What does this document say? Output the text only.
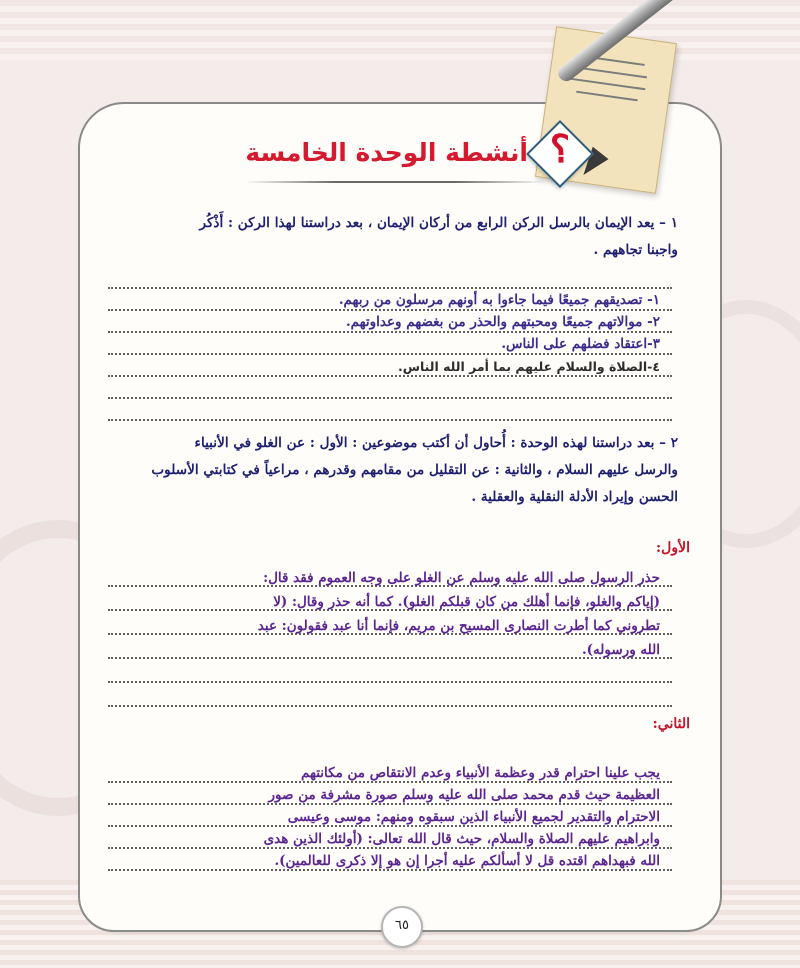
؟
أنشطة الوحدة الخامسة
١ – يعد الإيمان بالرسل الركن الرابع من أركان الإيمان ، بعد دراستنا لهذا الركن : أَذْكُر
واجبنا تجاههم .
١- تصديقهم جميعًا فيما جاءوا به أونهم مرسلون من ربهم.
٢- موالاتهم جميعًا ومحبتهم والحذر من بغضهم وعداوتهم.
٣-اعتقاد فضلهم على الناس.
٤-الصلاة والسلام عليهم بما أمر الله الناس.
٢ – بعد دراستنا لهذه الوحدة : أُحاول أن أكتب موضوعين : الأول : عن الغلو في الأنبياء
والرسل عليهم السلام ، والثانية : عن التقليل من مقامهم وقدرهم ، مراعياً في كتابتي الأسلوب
الحسن وإيراد الأدلة النقلية والعقلية .
الأول:
حذر الرسول صلى الله عليه وسلم عن الغلو على وجه العموم فقد قال:
(إياكم والغلو، فإنما أهلك من كان قبلكم الغلو). كما أنه حذر وقال: (لا
تطروني كما أطرت النصارى المسيح بن مريم، فإنما أنا عبد فقولون: عبد
الله ورسوله).
الثاني:
يجب علينا احترام قدر وعظمة الأنبياء وعدم الانتقاص من مكانتهم
العظيمة حيث قدم محمد صلى الله عليه وسلم صورة مشرفة من صور
الاحترام والتقدير لجميع الأنبياء الذين سبقوه ومنهم: موسى وعيسى
وابراهيم عليهم الصلاة والسلام، حيث قال الله تعالى: (أولئك الذين هدى
الله فبهداهم اقتده قل لا أسألكم عليه أجرا إن هو إلا ذكرى للعالمين).
٦٥
